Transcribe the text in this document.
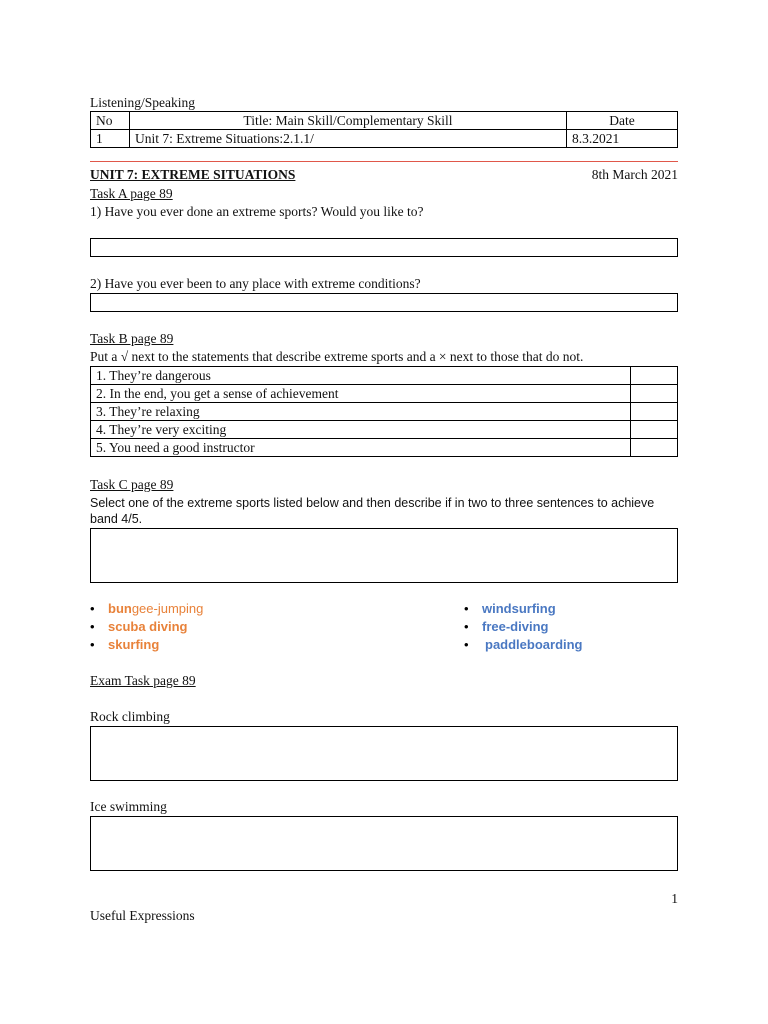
Listening/Speaking
No	Title: Main Skill/Complementary Skill	Date
1	Unit 7: Extreme Situations:2.1.1/	8.3.2021
UNIT 7: EXTREME SITUATIONS	8th March 2021
Task A page 89
1) Have you ever done an extreme sports? Would you like to?
2) Have you ever been to any place with extreme conditions?
Task B page 89
Put a √ next to the statements that describe extreme sports and a × next to those that do not.
1. They’re dangerous	
2. In the end, you get a sense of achievement	
3. They’re relaxing	
4. They’re very exciting	
5. You need a good instructor	
Task C page 89
Select one of the extreme sports listed below and then describe if in two to three sentences to achieve band 4/5.
• bungee-jumping
• scuba diving
• skurfing
• windsurfing
• free-diving
• paddleboarding
Exam Task page 89
Rock climbing
Ice swimming
1
Useful Expressions
